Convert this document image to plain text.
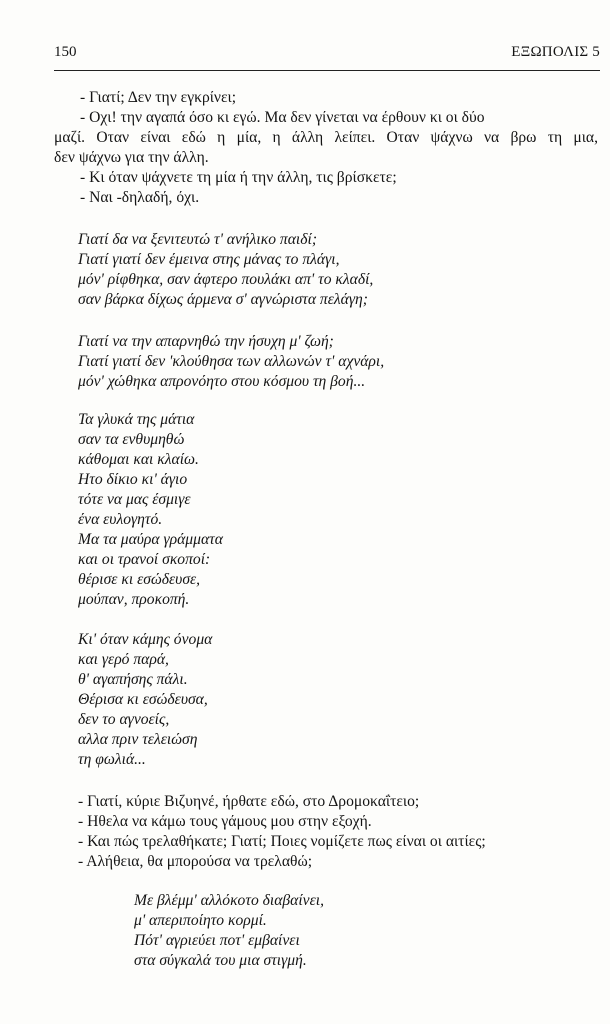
150	ΕΞΩΠΟΛΙΣ 5

- Γιατί; Δεν την εγκρίνει;

- Οχι! την αγαπά όσο κι εγώ. Μα δεν γίνεται να έρθουν κι οι δύο

μαζί. Οταν είναι εδώ η μία, η άλλη λείπει. Οταν ψάχνω να βρω τη μια,

δεν ψάχνω για την άλλη.

- Κι όταν ψάχνετε τη μία ή την άλλη, τις βρίσκετε;

- Ναι -δηλαδή, όχι.

Γιατί δα να ξενιτευτώ τ' ανήλικο παιδί;

Γιατί γιατί δεν έμεινα στης μάνας το πλάγι,

μόν' ρίφθηκα, σαν άφτερο πουλάκι απ' το κλαδί,

σαν βάρκα δίχως άρμενα σ' αγνώριστα πελάγη;

Γιατί να την απαρνηθώ την ήσυχη μ' ζωή;

Γιατί γιατί δεν 'κλούθησα των αλλωνών τ' αχνάρι,

μόν' χώθηκα απρονόητο στου κόσμου τη βοή...

Τα γλυκά της μάτια

σαν τα ενθυμηθώ

κάθομαι και κλαίω.

Ητο δίκιο κι' άγιο

τότε να μας έσμιγε

ένα ευλογητό.

Μα τα μαύρα γράμματα

και οι τρανοί σκοποί:

θέρισε κι εσώδευσε,

μούπαν, προκοπή.

Κι' όταν κάμης όνομα

και γερό παρά,

θ' αγαπήσης πάλι.

Θέρισα κι εσώδευσα,

δεν το αγνοείς,

αλλα πριν τελειώση

τη φωλιά...

- Γιατί, κύριε Βιζυηνέ, ήρθατε εδώ, στο Δρομοκαΐτειο;

- Ηθελα να κάμω τους γάμους μου στην εξοχή.

- Και πώς τρελαθήκατε; Γιατί; Ποιες νομίζετε πως είναι οι αιτίες;

- Αλήθεια, θα μπορούσα να τρελαθώ;

Με βλέμμ' αλλόκοτο διαβαίνει,

μ' απεριποίητο κορμί.

Πότ' αγριεύει ποτ' εμβαίνει

στα σύγκαλά του μια στιγμή.
